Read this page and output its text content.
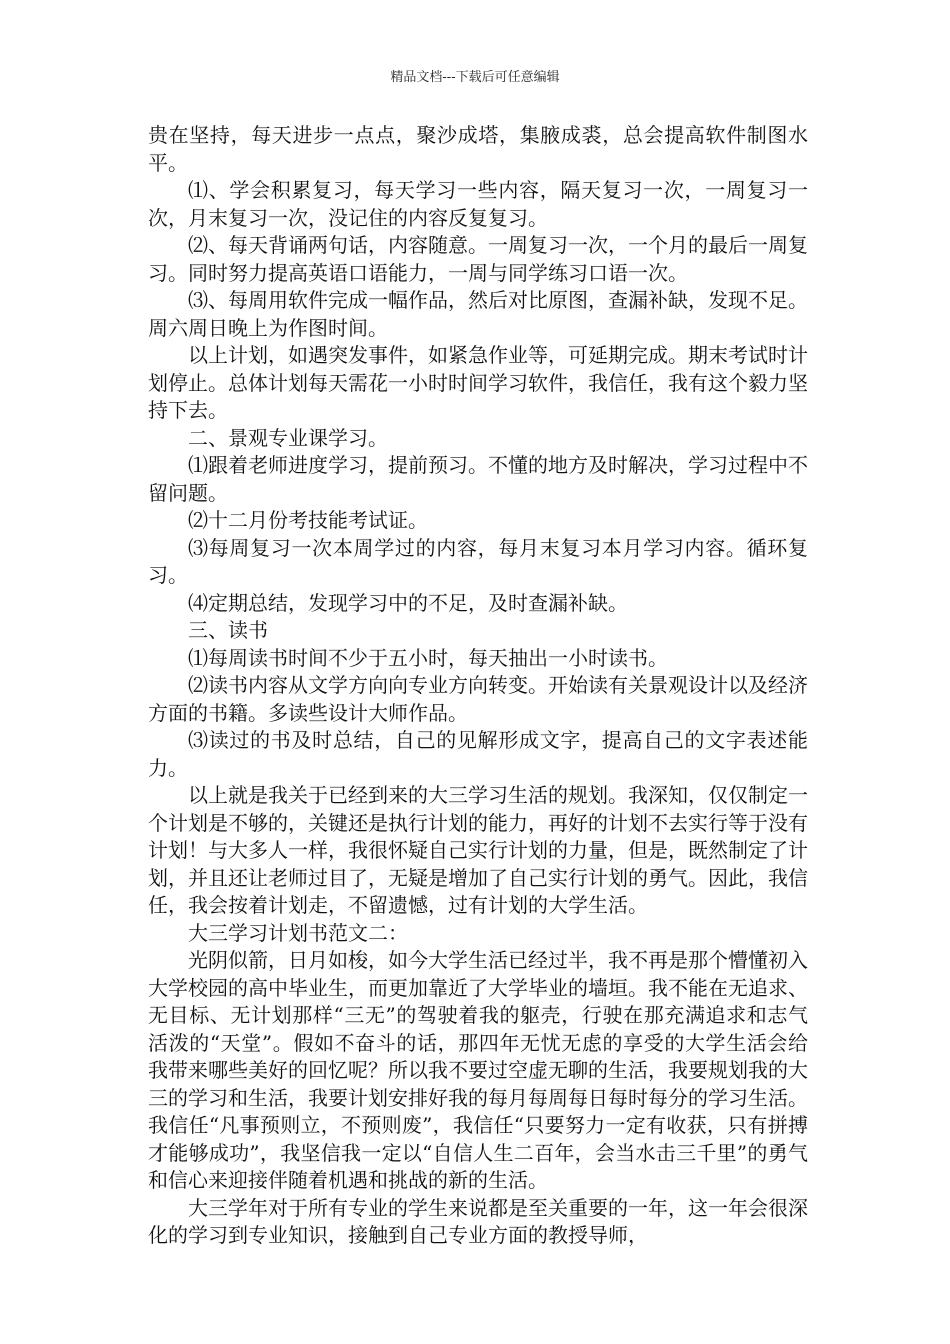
精品文档---下载后可任意编辑

贵在坚持，每天进步一点点，聚沙成塔，集腋成裘，总会提高软件制图水平。

⑴、学会积累复习，每天学习一些内容，隔天复习一次，一周复习一次，月末复习一次，没记住的内容反复复习。

⑵、每天背诵两句话，内容随意。一周复习一次，一个月的最后一周复习。同时努力提高英语口语能力，一周与同学练习口语一次。

⑶、每周用软件完成一幅作品，然后对比原图，查漏补缺，发现不足。周六周日晚上为作图时间。

以上计划，如遇突发事件，如紧急作业等，可延期完成。期末考试时计划停止。总体计划每天需花一小时时间学习软件，我信任，我有这个毅力坚持下去。

二、景观专业课学习。

⑴跟着老师进度学习，提前预习。不懂的地方及时解决，学习过程中不留问题。

⑵十二月份考技能考试证。

⑶每周复习一次本周学过的内容，每月末复习本月学习内容。循环复习。

⑷定期总结，发现学习中的不足，及时查漏补缺。

三、读书

⑴每周读书时间不少于五小时，每天抽出一小时读书。

⑵读书内容从文学方向向专业方向转变。开始读有关景观设计以及经济方面的书籍。多读些设计大师作品。

⑶读过的书及时总结，自己的见解形成文字，提高自己的文字表述能力。

以上就是我关于已经到来的大三学习生活的规划。我深知，仅仅制定一个计划是不够的，关键还是执行计划的能力，再好的计划不去实行等于没有计划！与大多人一样，我很怀疑自己实行计划的力量，但是，既然制定了计划，并且还让老师过目了，无疑是增加了自己实行计划的勇气。因此，我信任，我会按着计划走，不留遗憾，过有计划的大学生活。

大三学习计划书范文二：

光阴似箭，日月如梭，如今大学生活已经过半，我不再是那个懵懂初入大学校园的高中毕业生，而更加靠近了大学毕业的墙垣。我不能在无追求、无目标、无计划那样“三无”的驾驶着我的躯壳，行驶在那充满追求和志气活泼的“天堂”。假如不奋斗的话，那四年无忧无虑的享受的大学生活会给我带来哪些美好的回忆呢？所以我不要过空虚无聊的生活，我要规划我的大三的学习和生活，我要计划安排好我的每月每周每日每时每分的学习生活。我信任“凡事预则立，不预则废”，我信任“只要努力一定有收获，只有拼搏才能够成功”，我坚信我一定以“自信人生二百年，会当水击三千里”的勇气和信心来迎接伴随着机遇和挑战的新的生活。

大三学年对于所有专业的学生来说都是至关重要的一年，这一年会很深化的学习到专业知识，接触到自己专业方面的教授导师，
